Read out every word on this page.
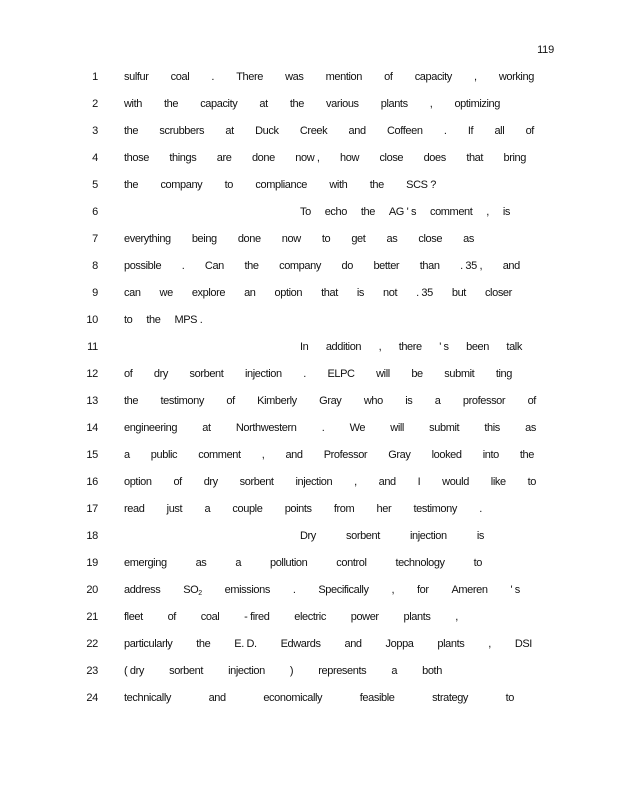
119
1 sulfur coal . There was mention of capacity , working
2 with the capacity at the various plants , optimizing
3 the scrubbers at Duck Creek and Coffeen . If all of
4 those things are done now , how close does that bring
5 the company to compliance with the SCS ?
6	To echo the AG ' s comment , is
7 everything being done now to get as close as
8 possible . Can the company do better than . 35 , and
9 can we explore an option that is not . 35 but closer
10 to the MPS .
11	In addition , there ' s been talk
12 of dry sorbent injection . ELPC will be submit ting
13 the testimony of Kimberly Gray who is a professor of
14 engineering at Northwestern . We will submit this as
15 a public comment , and Professor Gray looked into the
16 option of dry sorbent injection , and I would like to
17 read just a couple points from her testimony .
18	Dry	sorbent	injection	is
19 emerging	as	a	pollution	control	technology	to
20 address $SO_2$ emissions . Specifically , for Ameren ' s
21 fleet of coal - fired electric power plants ,
22 particularly the E. D. Edwards and Joppa plants , DSI
23 ( dry sorbent injection ) represents a both
24 technically	and	economically	feasible	strategy	to
